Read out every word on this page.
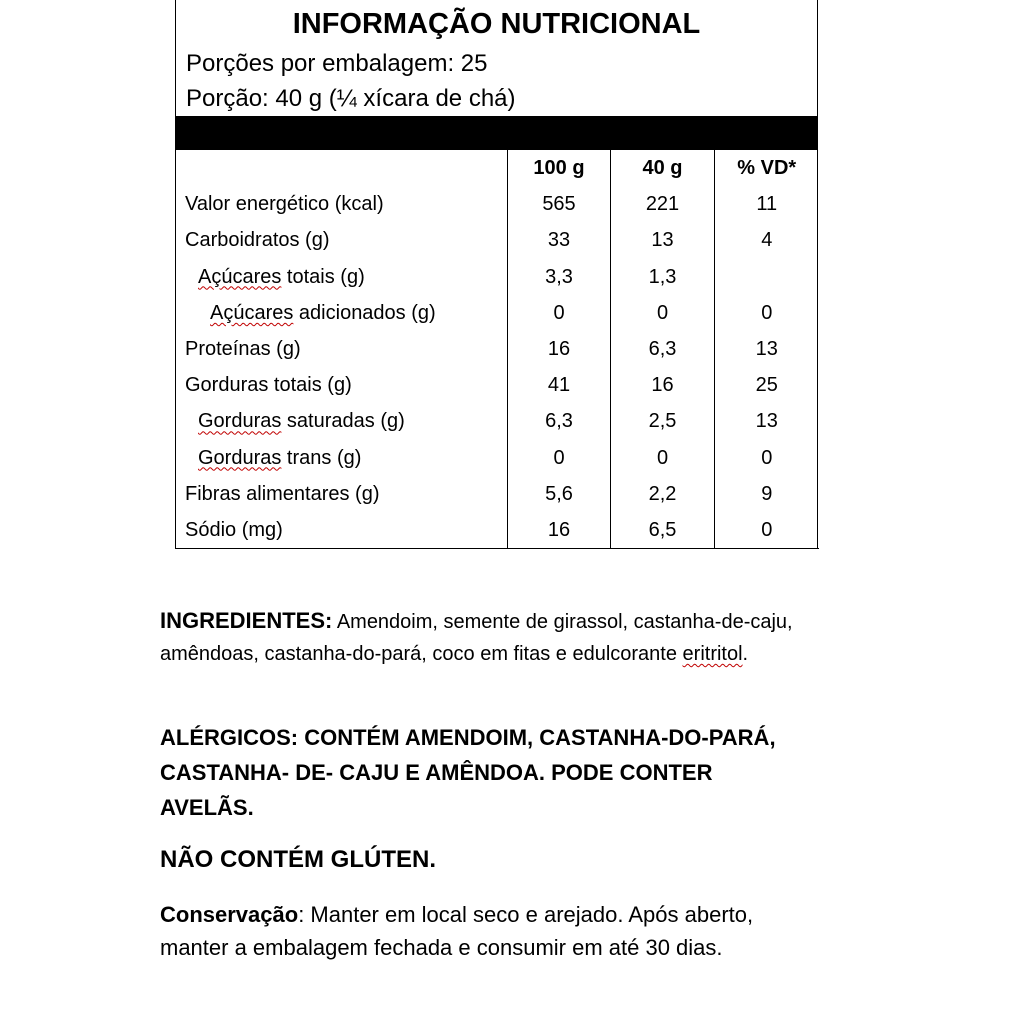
INFORMAÇÃO NUTRICIONAL
Porções por embalagem: 25
Porção: 40 g (¼ xícara de chá)
	100 g	40 g	% VD*
Valor energético (kcal)	565	221	11
Carboidratos (g)	33	13	4
Açúcares totais (g)	3,3	1,3	
Açúcares adicionados (g)	0	0	0
Proteínas (g)	16	6,3	13
Gorduras totais (g)	41	16	25
Gorduras saturadas (g)	6,3	2,5	13
Gorduras trans (g)	0	0	0
Fibras alimentares (g)	5,6	2,2	9
Sódio (mg)	16	6,5	0
INGREDIENTES: Amendoim, semente de girassol, castanha-de-caju, amêndoas, castanha-do-pará, coco em fitas e edulcorante eritritol.
ALÉRGICOS: CONTÉM AMENDOIM, CASTANHA-DO-PARÁ, CASTANHA- DE- CAJU E AMÊNDOA. PODE CONTER AVELÃS.
NÃO CONTÉM GLÚTEN.
Conservação: Manter em local seco e arejado. Após aberto, manter a embalagem fechada e consumir em até 30 dias.
